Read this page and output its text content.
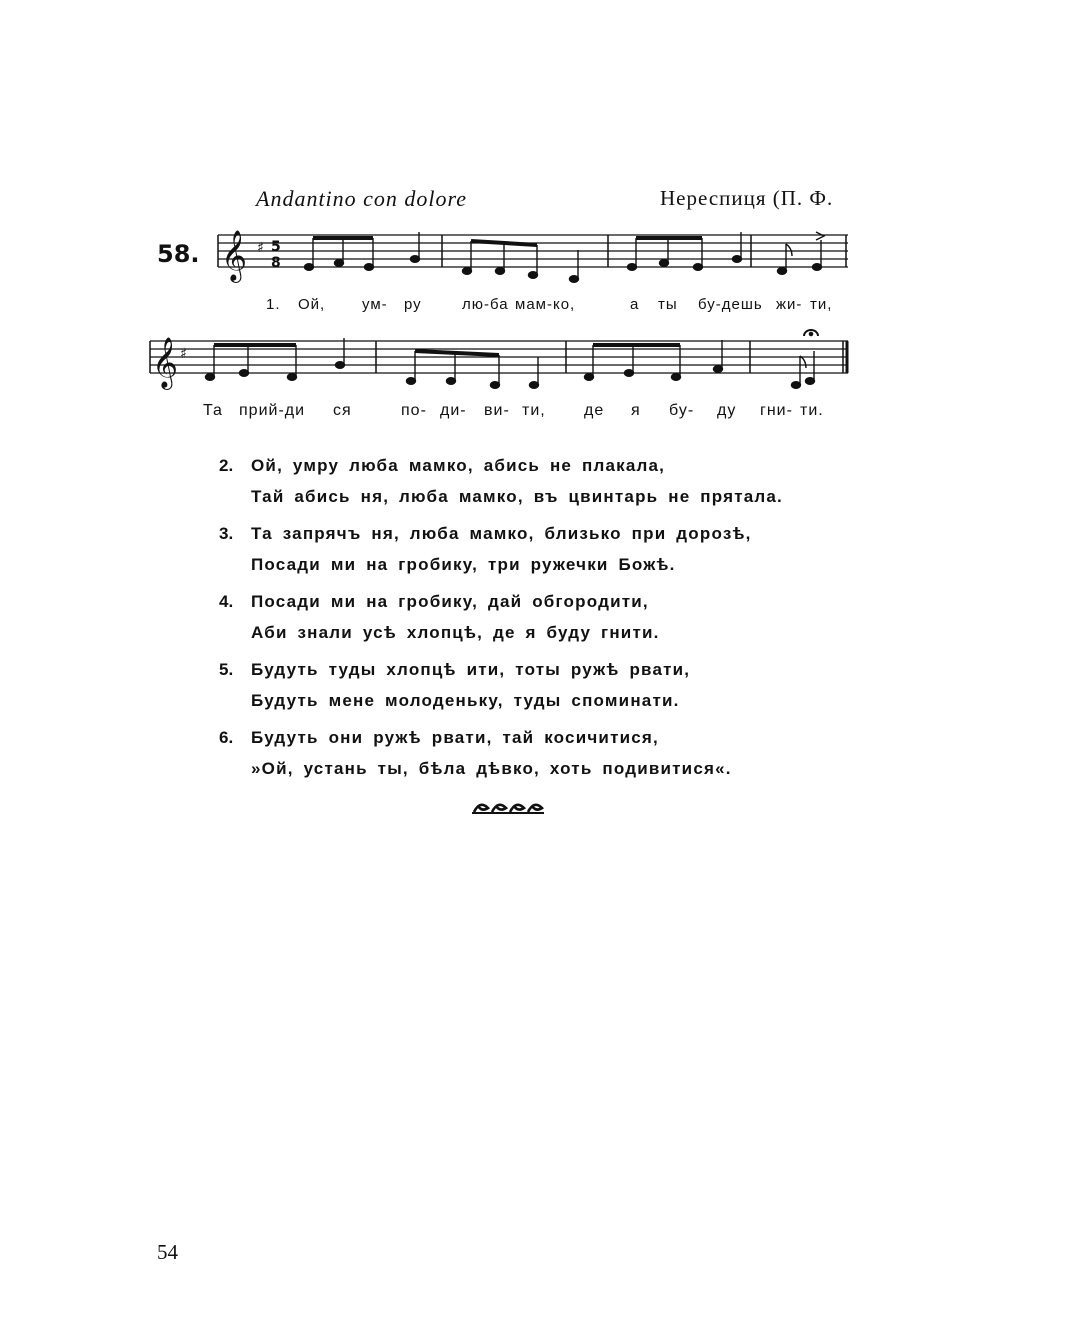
Andantino con dolore	Нереспиця (П. Ф.
58. 𝄞 ♯ 5
8
𝄞 ♯
1. Ой, ум- ру	лю-ба мам-ко,	а ты бу-дешь жи- ти,
Та прий-ди ся	по- ди- ви- ти, де я бу- ду гни- ти.
2.	Ой, умру люба мамко, абись не плакала,
Тай абись ня, люба мамко, въ цвинтарь не прятала.
3.	Та запрячъ ня, люба мамко, близько при дорозѣ,
Посади ми на гробику, три ружечки Божѣ.
4.	Посади ми на гробику, дай обгородити,
Аби знали усѣ хлопцѣ, де я буду гнити.
5.	Будуть туды хлопцѣ ити, тоты ружѣ рвати,
Будуть мене молоденьку, туды споминати.
6.	Будуть они ружѣ рвати, тай косичитися,
»Ой, устань ты, бѣла дѣвко, хоть подивитися«.
54
